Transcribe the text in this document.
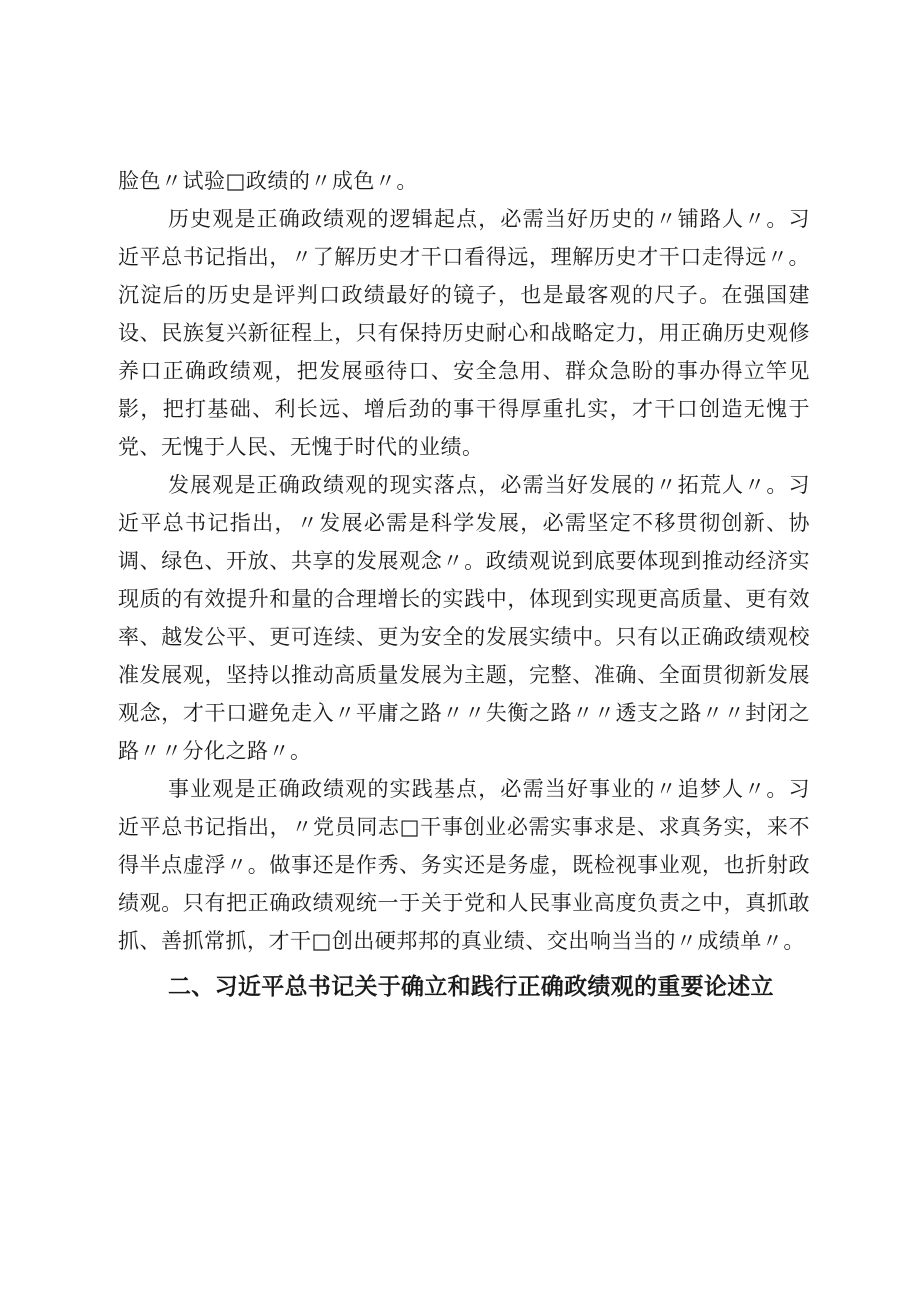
脸色〃试验□政绩的〃成色〃。

历史观是正确政绩观的逻辑起点，必需当好历史的〃铺路人〃。习近平总书记指出，〃了解历史才干口看得远，理解历史才干口走得远〃。沉淀后的历史是评判口政绩最好的镜子，也是最客观的尺子。在强国建设、民族复兴新征程上，只有保持历史耐心和战略定力，用正确历史观修养口正确政绩观，把发展亟待口、安全急用、群众急盼的事办得立竿见影，把打基础、利长远、增后劲的事干得厚重扎实，才干口创造无愧于党、无愧于人民、无愧于时代的业绩。

发展观是正确政绩观的现实落点，必需当好发展的〃拓荒人〃。习近平总书记指出，〃发展必需是科学发展，必需坚定不移贯彻创新、协调、绿色、开放、共享的发展观念〃。政绩观说到底要体现到推动经济实现质的有效提升和量的合理增长的实践中，体现到实现更高质量、更有效率、越发公平、更可连续、更为安全的发展实绩中。只有以正确政绩观校准发展观，坚持以推动高质量发展为主题，完整、准确、全面贯彻新发展观念，才干口避免走入〃平庸之路〃〃失衡之路〃〃透支之路〃〃封闭之路〃〃分化之路〃。

事业观是正确政绩观的实践基点，必需当好事业的〃追梦人〃。习近平总书记指出，〃党员同志□干事创业必需实事求是、求真务实，来不得半点虚浮〃。做事还是作秀、务实还是务虚，既检视事业观，也折射政绩观。只有把正确政绩观统一于关于党和人民事业高度负责之中，真抓敢抓、善抓常抓，才干□创出硬邦邦的真业绩、交出响当当的〃成绩单〃。

二、习近平总书记关于确立和践行正确政绩观的重要论述立
